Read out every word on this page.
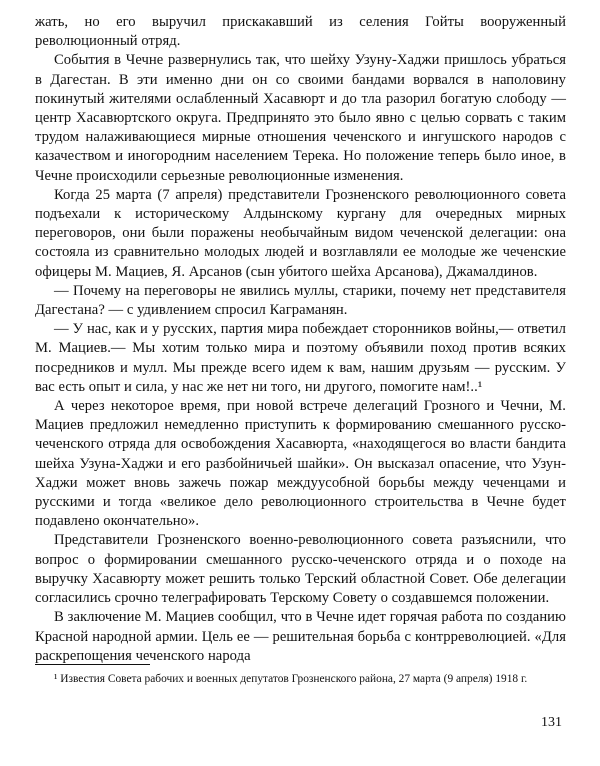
жать, но его выручил прискакавший из селения Гойты вооруженный революционный отряд.

События в Чечне развернулись так, что шейху Узуну-Хаджи пришлось убраться в Дагестан. В эти именно дни он со своими бандами ворвался в наполовину покинутый жителями ослабленный Хасавюрт и до тла разорил богатую слободу — центр Хасавюртского округа. Предпринято это было явно с целью сорвать с таким трудом налаживающиеся мирные отношения чеченского и ингушского народов с казачеством и иногородним населением Терека. Но положение теперь было иное, в Чечне происходили серьезные революционные изменения.

Когда 25 марта (7 апреля) представители Грозненского революционного совета подъехали к историческому Алдынскому кургану для очередных мирных переговоров, они были поражены необычайным видом чеченской делегации: она состояла из сравнительно молодых людей и возглавляли ее молодые же чеченские офицеры М. Мациев, Я. Арсанов (сын убитого шейха Арсанова), Джамалдинов.

— Почему на переговоры не явились муллы, старики, почему нет представителя Дагестана? — с удивлением спросил Каграманян.

— У нас, как и у русских, партия мира побеждает сторонников войны,— ответил М. Мациев.— Мы хотим только мира и поэтому объявили поход против всяких посредников и мулл. Мы прежде всего идем к вам, нашим друзьям — русским. У вас есть опыт и сила, у нас же нет ни того, ни другого, помогите нам!..¹

А через некоторое время, при новой встрече делегаций Грозного и Чечни, М. Мациев предложил немедленно приступить к формированию смешанного русско-чеченского отряда для освобождения Хасавюрта, «находящегося во власти бандита шейха Узуна-Хаджи и его разбойничьей шайки». Он высказал опасение, что Узун-Хаджи может вновь зажечь пожар междуусобной борьбы между чеченцами и русскими и тогда «великое дело революционного строительства в Чечне будет подавлено окончательно».

Представители Грозненского военно-революционного совета разъяснили, что вопрос о формировании смешанного русско-чеченского отряда и о походе на выручку Хасавюрту может решить только Терский областной Совет. Обе делегации согласились срочно телеграфировать Терскому Совету о создавшемся положении.

В заключение М. Мациев сообщил, что в Чечне идет горячая работа по созданию Красной народной армии. Цель ее — решительная борьба с контрреволюцией. «Для раскрепощения чеченского народа

¹ Известия Совета рабочих и военных депутатов Грозненского района, 27 марта (9 апреля) 1918 г.

131
